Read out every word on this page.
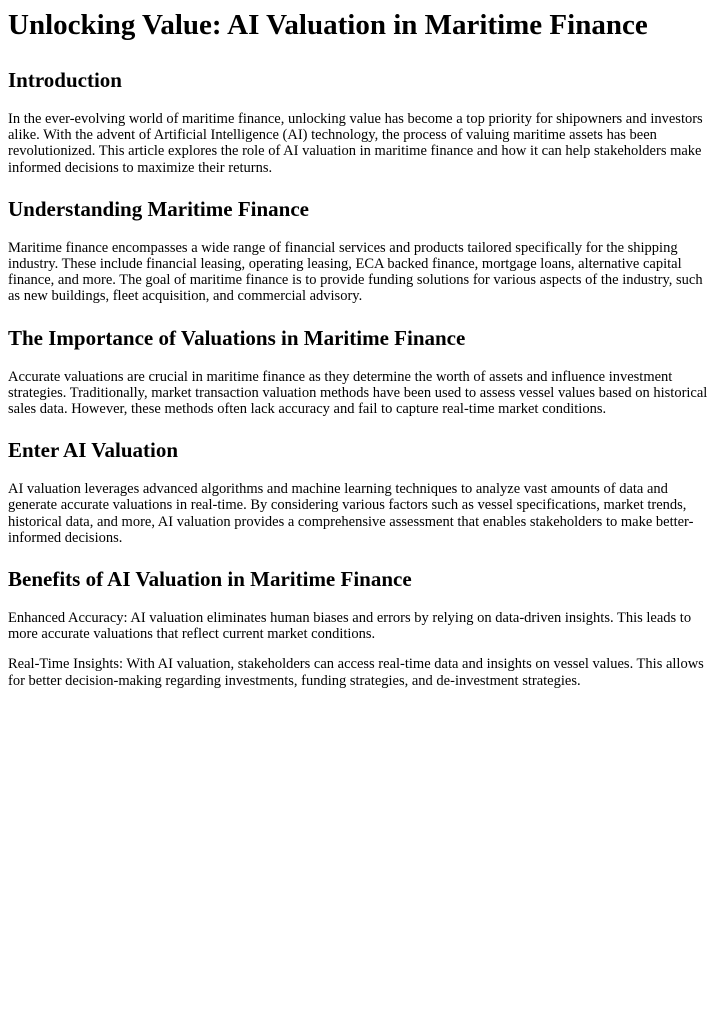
Unlocking Value: AI Valuation in Maritime Finance
Introduction

In the ever-evolving world of maritime finance, unlocking value has become a top priority for shipowners and investors alike. With the advent of Artificial Intelligence (AI) technology, the process of valuing maritime assets has been revolutionized. This article explores the role of AI valuation in maritime finance and how it can help stakeholders make informed decisions to maximize their returns.

Understanding Maritime Finance

Maritime finance encompasses a wide range of financial services and products tailored specifically for the shipping industry. These include financial leasing, operating leasing, ECA backed finance, mortgage loans, alternative capital finance, and more. The goal of maritime finance is to provide funding solutions for various aspects of the industry, such as new buildings, fleet acquisition, and commercial advisory.

The Importance of Valuations in Maritime Finance

Accurate valuations are crucial in maritime finance as they determine the worth of assets and influence investment strategies. Traditionally, market transaction valuation methods have been used to assess vessel values based on historical sales data. However, these methods often lack accuracy and fail to capture real-time market conditions.

Enter AI Valuation

AI valuation leverages advanced algorithms and machine learning techniques to analyze vast amounts of data and generate accurate valuations in real-time. By considering various factors such as vessel specifications, market trends, historical data, and more, AI valuation provides a comprehensive assessment that enables stakeholders to make better-informed decisions.

Benefits of AI Valuation in Maritime Finance

Enhanced Accuracy: AI valuation eliminates human biases and errors by relying on data-driven insights. This leads to more accurate valuations that reflect current market conditions.

Real-Time Insights: With AI valuation, stakeholders can access real-time data and insights on vessel values. This allows for better decision-making regarding investments, funding strategies, and de-investment strategies.
